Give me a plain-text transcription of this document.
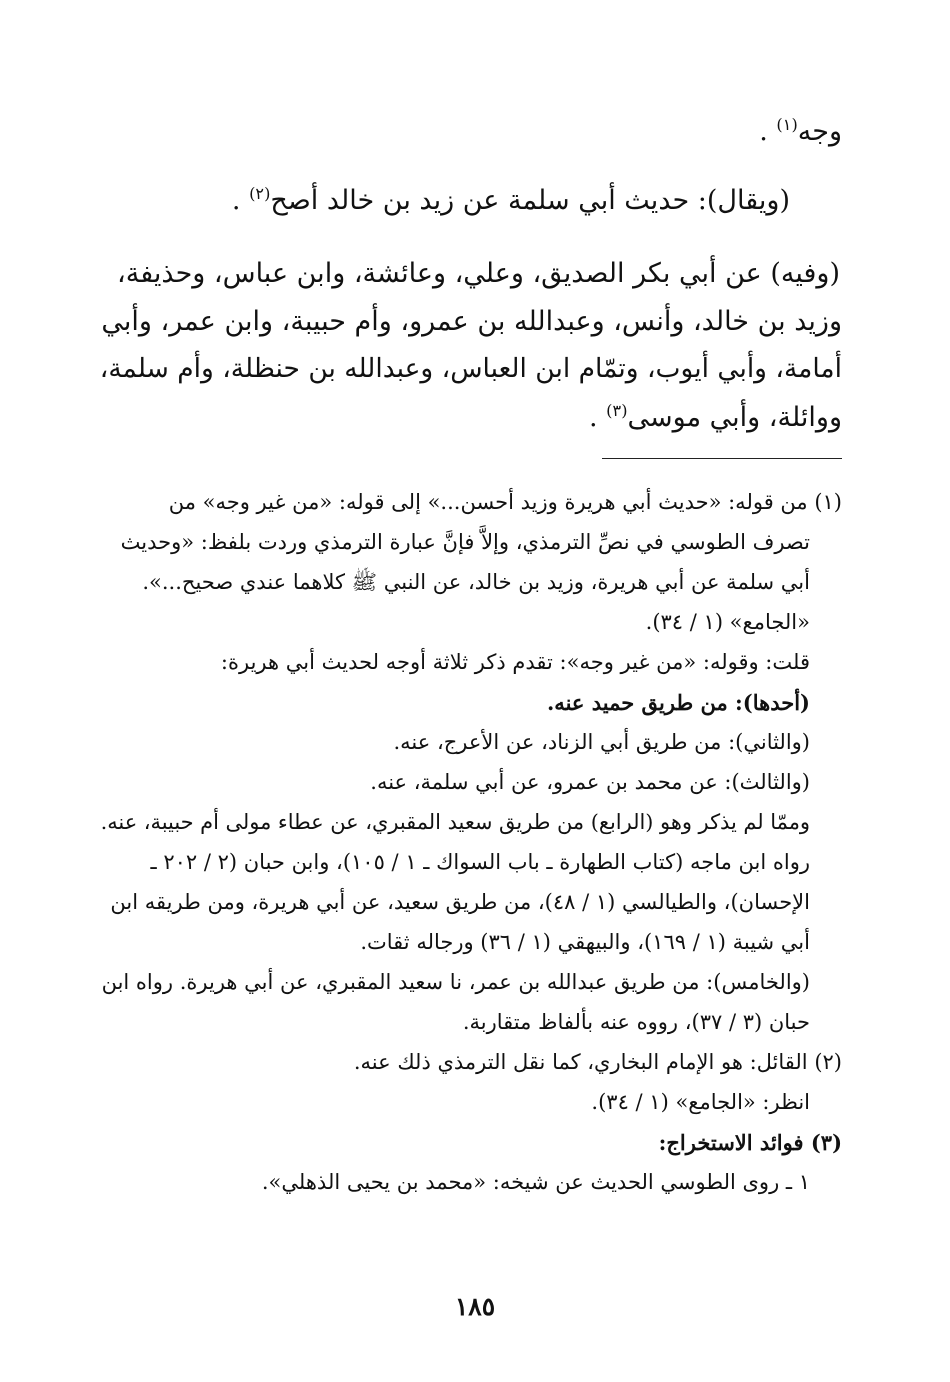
وجه$^{(١)}$ .
(ويقال): حديث أبي سلمة عن زيد بن خالد أصح$^{(٢)}$ .
(وفيه) عن أبي بكر الصديق، وعلي، وعائشة، وابن عباس، وحذيفة،
وزيد بن خالد، وأنس، وعبدالله بن عمرو، وأم حبيبة، وابن عمر، وأبي
أمامة، وأبي أيوب، وتمّام ابن العباس، وعبدالله بن حنظلة، وأم سلمة،
ووائلة، وأبي موسى$^{(٣)}$ .
(١) من قوله: «حديث أبي هريرة وزيد أحسن...» إلى قوله: «من غير وجه» من
تصرف الطوسي في نصِّ الترمذي، وإلاَّ فإنَّ عبارة الترمذي وردت بلفظ: «وحديث
أبي سلمة عن أبي هريرة، وزيد بن خالد، عن النبي ﷺ كلاهما عندي صحيح...».
«الجامع» (١ / ٣٤).
قلت: وقوله: «من غير وجه»: تقدم ذكر ثلاثة أوجه لحديث أبي هريرة:
(أحدها): من طريق حميد عنه.
(والثاني): من طريق أبي الزناد، عن الأعرج، عنه.
(والثالث): عن محمد بن عمرو، عن أبي سلمة، عنه.
وممّا لم يذكر وهو (الرابع) من طريق سعيد المقبري، عن عطاء مولى أم حبيبة، عنه.
رواه ابن ماجه (كتاب الطهارة ـ باب السواك ـ ١ / ١٠٥)، وابن حبان (٢ / ٢٠٢ ـ
الإحسان)، والطيالسي (١ / ٤٨)، من طريق سعيد، عن أبي هريرة، ومن طريقه ابن
أبي شيبة (١ / ١٦٩)، والبيهقي (١ / ٣٦) ورجاله ثقات.
(والخامس): من طريق عبدالله بن عمر، نا سعيد المقبري، عن أبي هريرة. رواه ابن
حبان (٣ / ٣٧)، رووه عنه بألفاظ متقاربة.
(٢) القائل: هو الإمام البخاري، كما نقل الترمذي ذلك عنه.
انظر: «الجامع» (١ / ٣٤).
(٣) فوائد الاستخراج:
١ ـ روى الطوسي الحديث عن شيخه: «محمد بن يحيى الذهلي».
١٨٥
